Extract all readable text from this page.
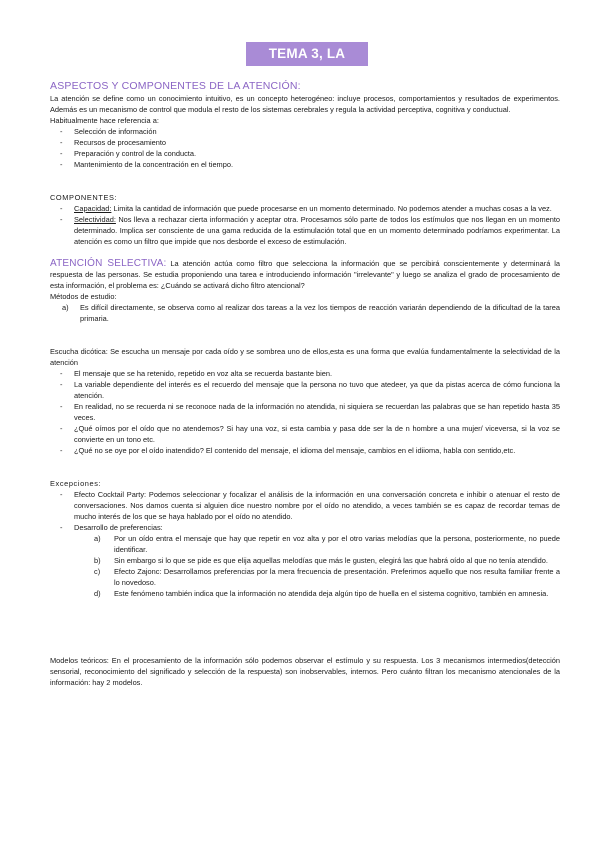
TEMA 3, LA ATENCIÓN:
ASPECTOS Y COMPONENTES DE LA ATENCIÓN:

La atención se define como un conocimiento intuitivo, es un concepto heterogéneo: incluye procesos, comportamientos y resultados de experimentos. Además es un mecanismo de control que modula el resto de los sistemas cerebrales y regula la actividad perceptiva, cognitiva y conductual.

Habitualmente hace referencia a:

- Selección de información
- Recursos de procesamiento
- Preparación y control de la conducta.
- Mantenimiento de la concentración en el tiempo.
COMPONENTES:
- Capacidad: Limita la cantidad de información que puede procesarse en un momento determinado. No podemos atender a muchas cosas a la vez.
- Selectividad: Nos lleva a rechazar cierta información y aceptar otra. Procesamos sólo parte de todos los estímulos que nos llegan en un momento determinado. Implica ser consciente de una gama reducida de la estimulación total que en un momento determinado podríamos experimentar. La atención es como un filtro que impide que nos desborde el exceso de estimulación.

ATENCIÓN SELECTIVA: La atención actúa como filtro que selecciona la información que se percibirá conscientemente y determinará la respuesta de las personas. Se estudia proponiendo una tarea e introduciendo información "irrelevante" y luego se analiza el grado de procesamiento de esta información, el problema es: ¿Cuándo se activará dicho filtro atencional?

Métodos de estudio:

a) Es difícil directamente, se observa como al realizar dos tareas a la vez los tiempos de reacción variarán dependiendo de la dificultad de la tarea primaria.

Escucha dicótica: Se escucha un mensaje por cada oído y se sombrea uno de ellos,esta es una forma que evalúa fundamentalmente la selectividad de la atención

- El mensaje que se ha retenido, repetido en voz alta se recuerda bastante bien.
- La variable dependiente del interés es el recuerdo del mensaje que la persona no tuvo que atedeer, ya que da pistas acerca de cómo funciona la atención.
- En realidad, no se recuerda ni se reconoce nada de la información no atendida, ni siquiera se recuerdan las palabras que se han repetido hasta 35 veces.
- ¿Qué oímos por el oído que no atendemos? Si hay una voz, si esta cambia y pasa dde ser la de n hombre a una mujer/ viceversa, si la voz se convierte en un tono etc.
- ¿Qué no se oye por el oído inatendido? El contenido del mensaje, el idioma del mensaje, cambios en el idiioma, habla con sentido,etc.

Excepciones:

- Efecto Cocktail Party: Podemos seleccionar y focalizar el análisis de la información en una conversación concreta e inhibir o atenuar el resto de conversaciones. Nos damos cuenta si alguien dice nuestro nombre por el oído no atendido, a veces también se es capaz de recordar temas de mucho interés de los que se haya hablado por el oído no atendido.
- Desarrollo de preferencias:
a) Por un oído entra el mensaje que hay que repetir en voz alta y por el otro varias melodías que la persona, posteriormente, no puede identificar.
b) Sin embargo si lo que se pide es que elija aquellas melodías que más le gusten, elegirá las que habrá oído al que no tenía atendido.
c) Efecto Zajonc: Desarrollamos preferencias por la mera frecuencia de presentación. Preferimos aquello que nos resulta familiar frente a lo novedoso.
d) Este fenómeno también indica que la información no atendida deja algún tipo de huella en el sistema cognitivo, también en amnesia.

Modelos teóricos: En el procesamiento de la información sólo podemos observar el estímulo y su respuesta. Los 3 mecanismos intermedios(detección sensorial, reconocimiento del significado y selección de la respuesta) son inobservables, internos. Pero cuánto filtran los mecanismo atencionales de la información: hay 2 modelos.
